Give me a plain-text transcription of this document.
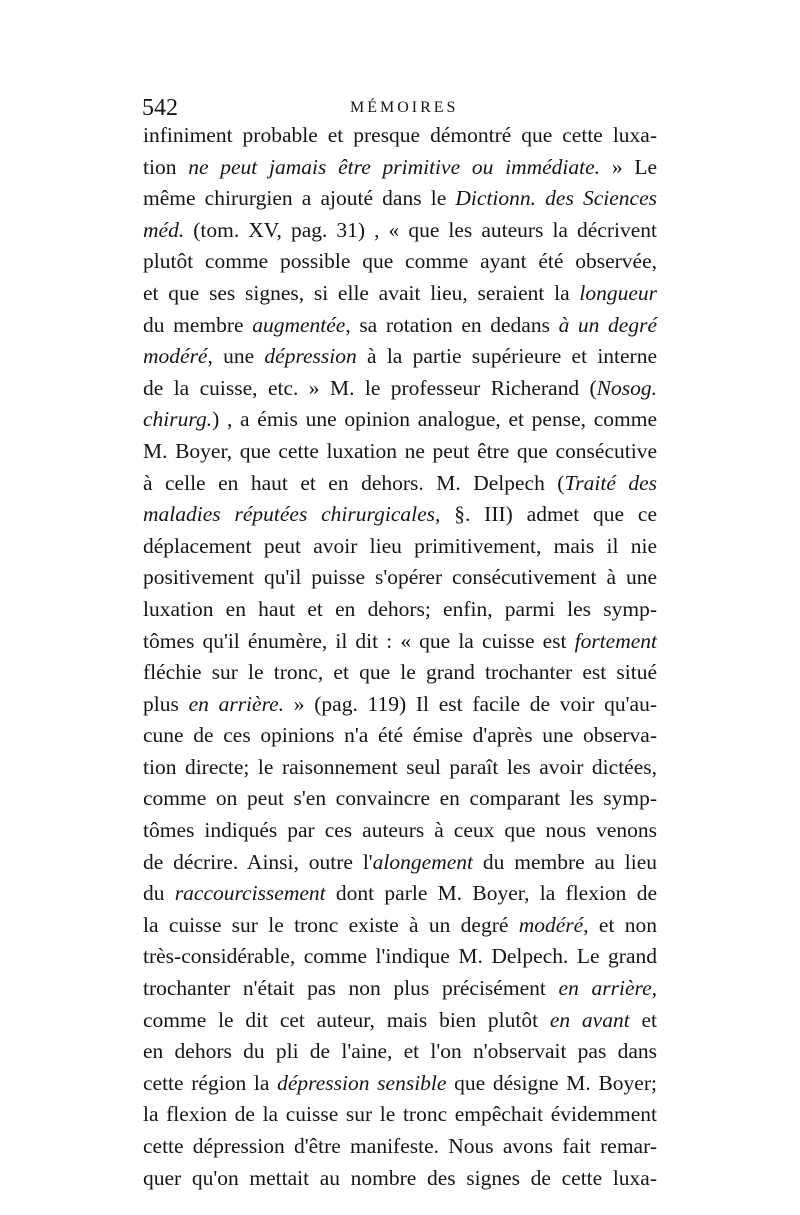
542	MÉMOIRES
infiniment probable et presque démontré que cette luxa-
tion ne peut jamais être primitive ou immédiate. » Le
même chirurgien a ajouté dans le Dictionn. des Sciences
méd. (tom. XV, pag. 31) , « que les auteurs la décrivent
plutôt comme possible que comme ayant été observée,
et que ses signes, si elle avait lieu, seraient la longueur
du membre augmentée, sa rotation en dedans à un degré
modéré, une dépression à la partie supérieure et interne
de la cuisse, etc. » M. le professeur Richerand (Nosog.
chirurg.) , a émis une opinion analogue, et pense, comme
M. Boyer, que cette luxation ne peut être que consécutive
à celle en haut et en dehors. M. Delpech (Traité des
maladies réputées chirurgicales, §. III) admet que ce
déplacement peut avoir lieu primitivement, mais il nie
positivement qu'il puisse s'opérer consécutivement à une
luxation en haut et en dehors; enfin, parmi les symp-
tômes qu'il énumère, il dit : « que la cuisse est fortement
fléchie sur le tronc, et que le grand trochanter est situé
plus en arrière. » (pag. 119) Il est facile de voir qu'au-
cune de ces opinions n'a été émise d'après une observa-
tion directe; le raisonnement seul paraît les avoir dictées,
comme on peut s'en convaincre en comparant les symp-
tômes indiqués par ces auteurs à ceux que nous venons
de décrire. Ainsi, outre l'alongement du membre au lieu
du raccourcissement dont parle M. Boyer, la flexion de
la cuisse sur le tronc existe à un degré modéré, et non
très-considérable, comme l'indique M. Delpech. Le grand
trochanter n'était pas non plus précisément en arrière,
comme le dit cet auteur, mais bien plutôt en avant et
en dehors du pli de l'aine, et l'on n'observait pas dans
cette région la dépression sensible que désigne M. Boyer;
la flexion de la cuisse sur le tronc empêchait évidemment
cette dépression d'être manifeste. Nous avons fait remar-
quer qu'on mettait au nombre des signes de cette luxa-
